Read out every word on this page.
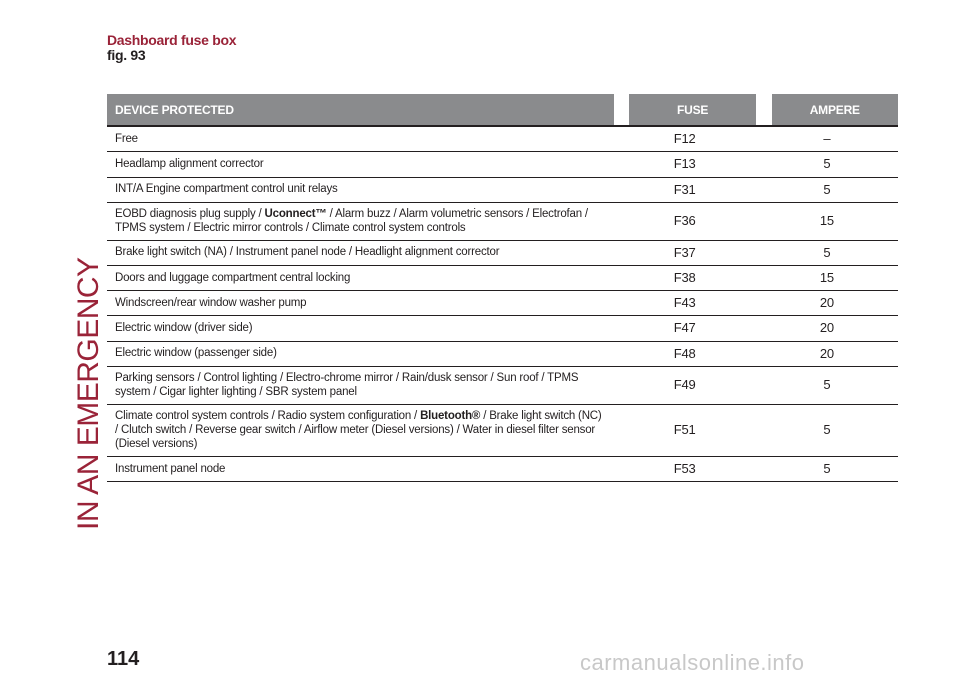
IN AN EMERGENCY
Dashboard fuse box
fig. 93
DEVICE PROTECTED		FUSE		AMPERE
Free	F12		–	
Headlamp alignment corrector	F13		5	
INT/A Engine compartment control unit relays	F31		5	
EOBD diagnosis plug supply / Uconnect™ / Alarm buzz / Alarm volumetric sensors / Electrofan / TPMS system / Electric mirror controls / Climate control system controls	F36		15	
Brake light switch (NA) / Instrument panel node / Headlight alignment corrector	F37		5	
Doors and luggage compartment central locking	F38		15	
Windscreen/rear window washer pump	F43		20	
Electric window (driver side)	F47		20	
Electric window (passenger side)	F48		20	
Parking sensors / Control lighting / Electro-chrome mirror / Rain/dusk sensor / Sun roof / TPMS system / Cigar lighter lighting / SBR system panel	F49		5	
Climate control system controls / Radio system configuration / Bluetooth® / Brake light switch (NC) / Clutch switch / Reverse gear switch / Airflow meter (Diesel versions) / Water in diesel filter sensor (Diesel versions)	F51		5	
Instrument panel node	F53		5	
114	carmanualsonline.info
